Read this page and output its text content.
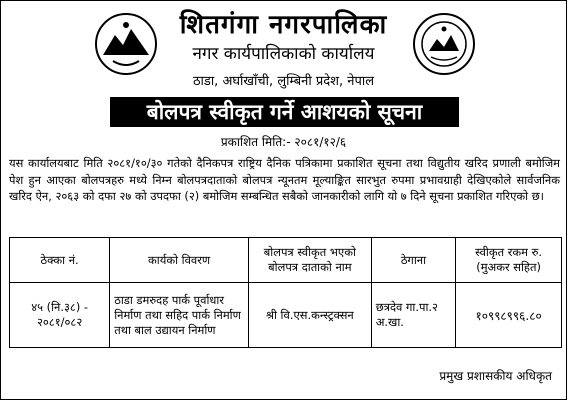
शितगंगा नगरपालिका
नगर कार्यपालिकाको कार्यालय
ठाडा, अर्घाखाँची, लुम्बिनी प्रदेश, नेपाल
बोलपत्र स्वीकृत गर्ने आशयको सूचना
प्रकाशित मिति:- २०८१/१२/६
यस कार्यालयबाट मिति २०८१/१०/३० गतेको दैनिकपत्र राष्ट्रिय दैनिक पत्रिकामा प्रकाशित सूचना तथा विद्युतीय खरिद प्रणाली बमोजिम पेश हुन आएका बोलपत्रहरु मध्ये निम्न बोलपत्रदाताको बोलपत्र न्यूनतम मूल्याङ्कित सारभुत रुपमा प्रभावग्राही देखिएकोले सार्वजनिक खरिद ऐन, २०६३ को दफा २७ को उपदफा (२) बमोजिम सम्बन्धित सबैको जानकारीको लागि यो ७ दिने सूचना प्रकाशित गरिएको छ।
ठेक्का नं.	कार्यको विवरण	बोलपत्र स्वीकृत भएको बोलपत्र दाताको नाम	ठेगाना	स्वीकृत रकम रु. (मुअकर सहित)
४५ (नि.३८) - २०८१/०८२	ठाडा डमरुदह पार्क पूर्वाधार निर्माण तथा सहिद पार्क निर्माण तथा बाल उद्यायन निर्माण	श्री वि.एस.कन्स्ट्रक्सन	छत्रदेव गा.पा.२ अ.खा.	१०९९८९९६.८०
प्रमुख प्रशासकीय अधिकृत
